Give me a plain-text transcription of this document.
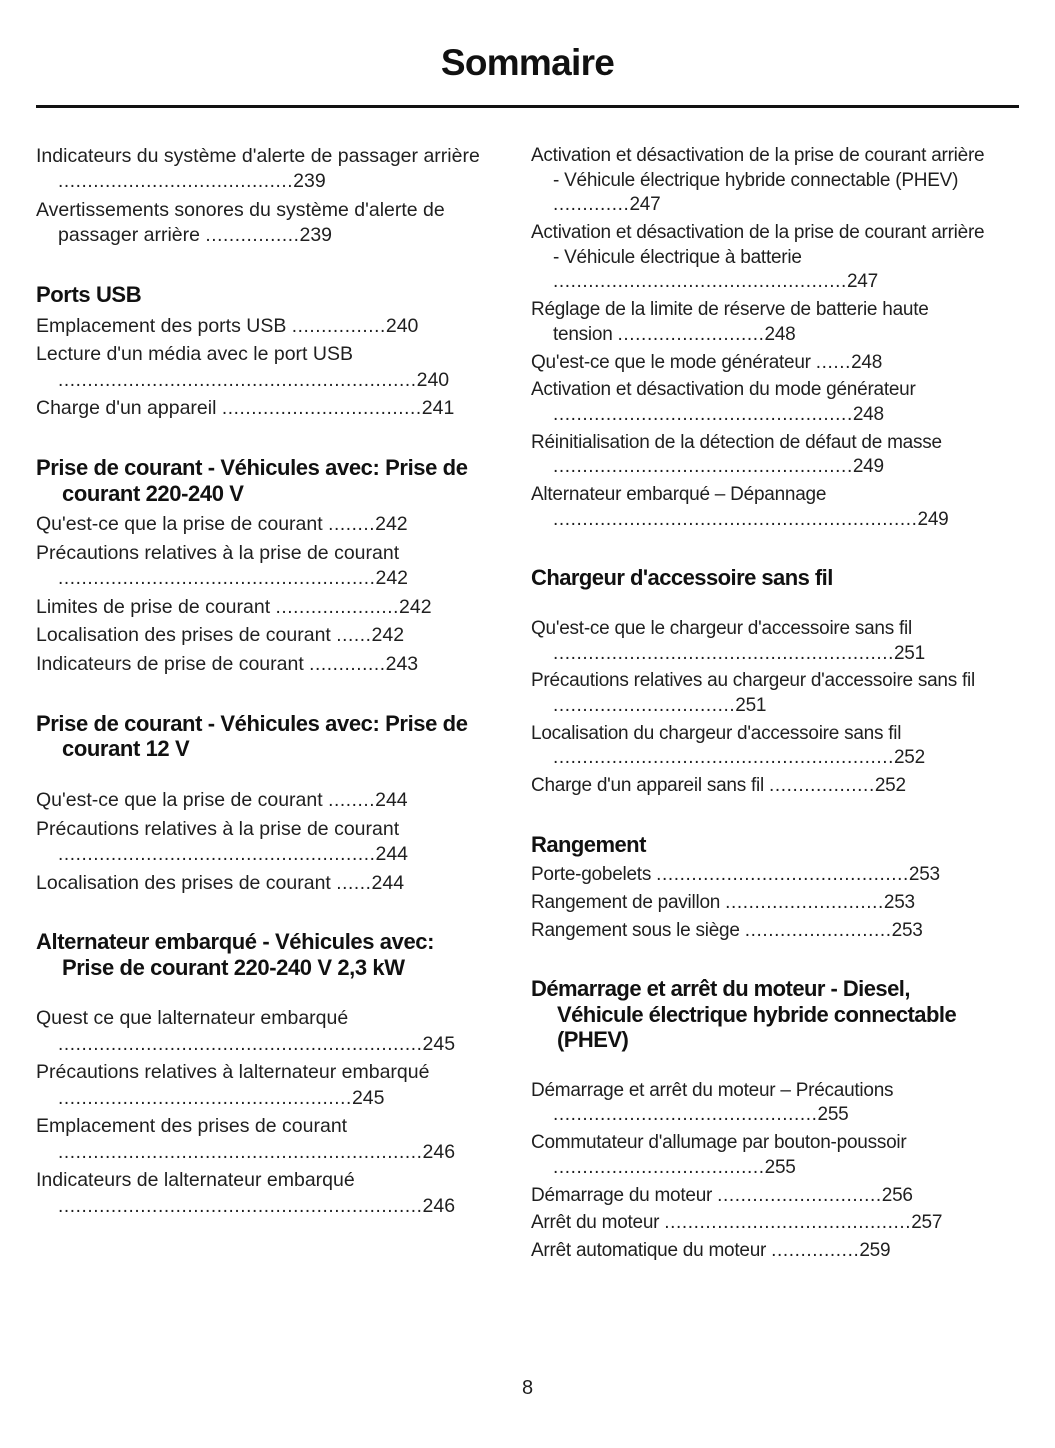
Sommaire
Indicateurs du système d'alerte de passager arrière ........................................239
Avertissements sonores du système d'alerte de passager arrière ................239
Ports USB
Emplacement des ports USB ................240
Lecture d'un média avec le port USB .............................................................240
Charge d'un appareil ..................................241
Prise de courant - Véhicules avec: Prise de courant 220-240 V
Qu'est-ce que la prise de courant ........242
Précautions relatives à la prise de courant ......................................................242
Limites de prise de courant .....................242
Localisation des prises de courant ......242
Indicateurs de prise de courant .............243
Prise de courant - Véhicules avec: Prise de courant 12 V
Qu'est-ce que la prise de courant ........244
Précautions relatives à la prise de courant ......................................................244
Localisation des prises de courant ......244
Alternateur embarqué - Véhicules avec: Prise de courant 220-240 V 2,3 kW
Quest ce que lalternateur embarqué ..............................................................245
Précautions relatives à lalternateur embarqué ..................................................245
Emplacement des prises de courant ..............................................................246
Indicateurs de lalternateur embarqué ..............................................................246
Activation et désactivation de la prise de courant arrière - Véhicule électrique hybride connectable (PHEV) .............247
Activation et désactivation de la prise de courant arrière - Véhicule électrique à batterie ..................................................247
Réglage de la limite de réserve de batterie haute tension .........................248
Qu'est-ce que le mode générateur ......248
Activation et désactivation du mode générateur ...................................................248
Réinitialisation de la détection de défaut de masse ...................................................249
Alternateur embarqué – Dépannage ..............................................................249
Chargeur d'accessoire sans fil
Qu'est-ce que le chargeur d'accessoire sans fil ..........................................................251
Précautions relatives au chargeur d'accessoire sans fil ...............................251
Localisation du chargeur d'accessoire sans fil ..........................................................252
Charge d'un appareil sans fil ..................252
Rangement
Porte-gobelets ...........................................253
Rangement de pavillon ...........................253
Rangement sous le siège .........................253
Démarrage et arrêt du moteur - Diesel, Véhicule électrique hybride connectable (PHEV)
Démarrage et arrêt du moteur – Précautions .............................................255
Commutateur d'allumage par bouton-poussoir ....................................255
Démarrage du moteur ............................256
Arrêt du moteur ..........................................257
Arrêt automatique du moteur ...............259
8
